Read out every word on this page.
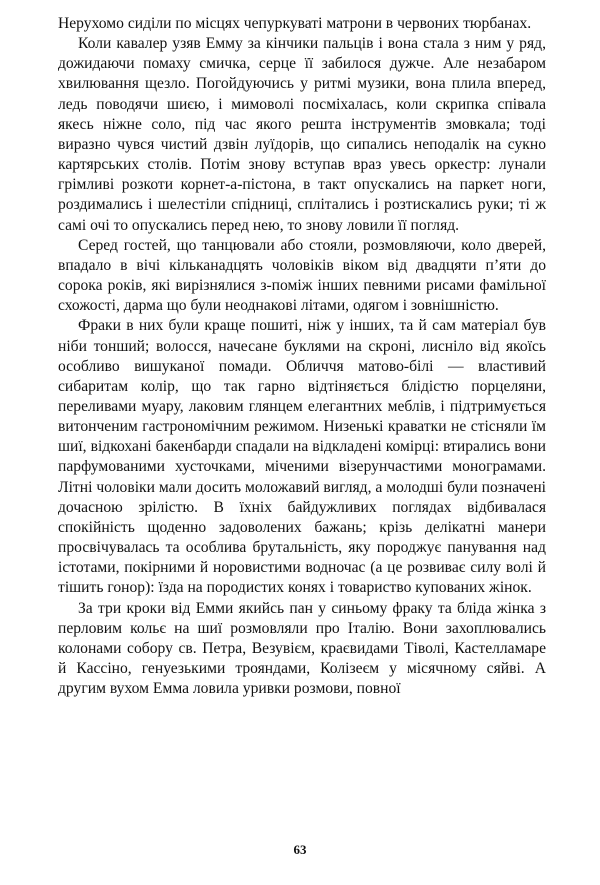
Нерухомо сиділи по місцях чепуркуваті матрони в червоних тюрбанах.

Коли кавалер узяв Емму за кінчики пальців і вона стала з ним у ряд, дожидаючи помаху смичка, серце її забилося дужче. Але незабаром хвилювання щезло. Погойдуючись у ритмі музики, вона плила вперед, ледь поводячи шиєю, і мимоволі посміхалась, коли скрипка співала якесь ніжне соло, під час якого решта інструментів змовкала; тоді виразно чувся чистий дзвін луїдорів, що сипались неподалік на сукно картярських столів. Потім знову вступав враз увесь оркестр: лунали грімливі розкоти корнет-а-пістона, в такт опускались на паркет ноги, роздимались і шелестіли спідниці, сплітались і розтискались руки; ті ж самі очі то опускались перед нею, то знову ловили її погляд.

Серед гостей, що танцювали або стояли, розмовляючи, коло дверей, впадало в вічі кільканадцять чоловіків віком від двадцяти п’яти до сорока років, які вирізнялися з-поміж інших певними рисами фамільної схожості, дарма що були неоднакові літами, одягом і зовнішністю.

Фраки в них були краще пошиті, ніж у інших, та й сам матеріал був ніби тонший; волосся, начесане буклями на скроні, лисніло від якоїсь особливо вишуканої помади. Обличчя матово-білі — властивий сибаритам колір, що так гарно відтіняється блідістю порцеляни, переливами муару, лаковим глянцем елегантних меблів, і підтримується витонченим гастрономічним режимом. Низенькі краватки не стісняли їм шиї, відкохані бакенбарди спадали на відкладені комірці: втирались вони парфумованими хусточками, міченими візерунчастими монограмами. Літні чоловіки мали досить моложавий вигляд, а молодші були позначені дочасною зрілістю. В їхніх байдужливих поглядах відбивалася спокійність щоденно задоволених бажань; крізь делікатні манери просвічувалась та особлива брутальність, яку породжує панування над істотами, покірними й норовистими водночас (а це розвиває силу волі й тішить гонор): їзда на породистих конях і товариство купованих жінок.

За три кроки від Емми якийсь пан у синьому фраку та бліда жінка з перловим кольє на шиї розмовляли про Італію. Вони захоплювались колонами собору св. Петра, Везувієм, краєвидами Тіволі, Кастелламаре й Кассіно, генуезькими трояндами, Колізеєм у місячному сяйві. А другим вухом Емма ловила уривки розмови, повної

63
